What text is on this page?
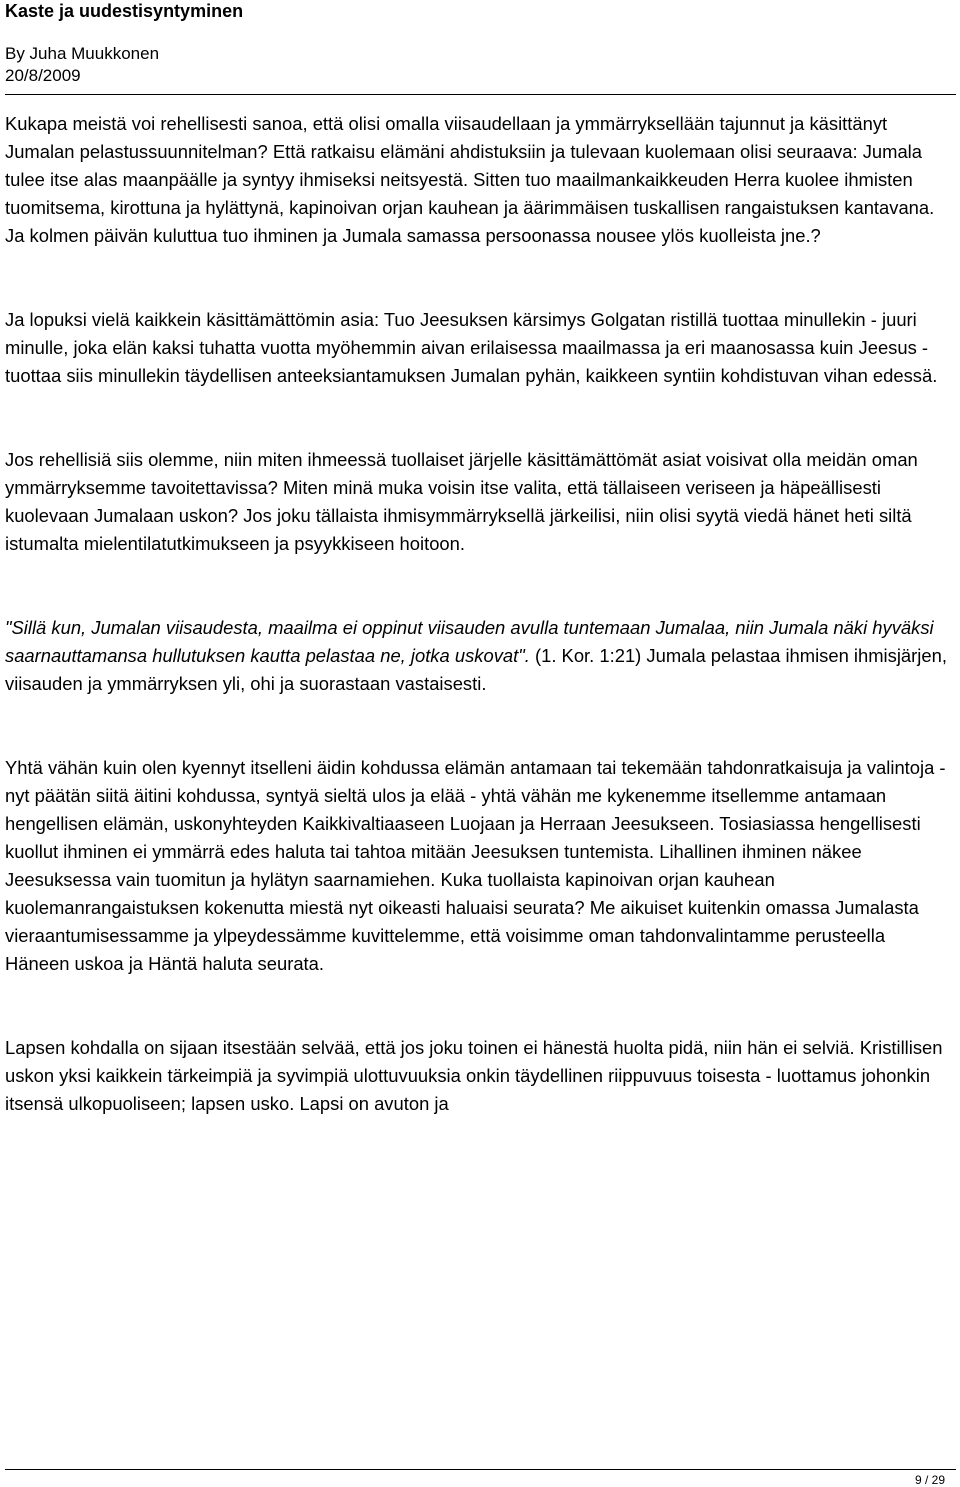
Kaste ja uudestisyntyminen
By Juha Muukkonen
20/8/2009

Kukapa meistä voi rehellisesti sanoa, että olisi omalla viisaudellaan ja ymmärryksellään tajunnut ja käsittänyt Jumalan pelastussuunnitelman? Että ratkaisu elämäni ahdistuksiin ja tulevaan kuolemaan olisi seuraava: Jumala tulee itse alas maanpäälle ja syntyy ihmiseksi neitsyestä. Sitten tuo maailmankaikkeuden Herra kuolee ihmisten tuomitsema, kirottuna ja hylättynä, kapinoivan orjan kauhean ja äärimmäisen tuskallisen rangaistuksen kantavana. Ja kolmen päivän kuluttua tuo ihminen ja Jumala samassa persoonassa nousee ylös kuolleista jne.?

Ja lopuksi vielä kaikkein käsittämättömin asia: Tuo Jeesuksen kärsimys Golgatan ristillä tuottaa minullekin - juuri minulle, joka elän kaksi tuhatta vuotta myöhemmin aivan erilaisessa maailmassa ja eri maanosassa kuin Jeesus - tuottaa siis minullekin täydellisen anteeksiantamuksen Jumalan pyhän, kaikkeen syntiin kohdistuvan vihan edessä.

Jos rehellisiä siis olemme, niin miten ihmeessä tuollaiset järjelle käsittämättömät asiat voisivat olla meidän oman ymmärryksemme tavoitettavissa? Miten minä muka voisin itse valita, että tällaiseen veriseen ja häpeällisesti kuolevaan Jumalaan uskon? Jos joku tällaista ihmisymmärryksellä järkeilisi, niin olisi syytä viedä hänet heti siltä istumalta mielentilatutkimukseen ja psyykkiseen hoitoon.

"Sillä kun, Jumalan viisaudesta, maailma ei oppinut viisauden avulla tuntemaan Jumalaa, niin Jumala näki hyväksi saarnauttamansa hullutuksen kautta pelastaa ne, jotka uskovat". (1. Kor. 1:21) Jumala pelastaa ihmisen ihmisjärjen, viisauden ja ymmärryksen yli, ohi ja suorastaan vastaisesti.

Yhtä vähän kuin olen kyennyt itselleni äidin kohdussa elämän antamaan tai tekemään tahdonratkaisuja ja valintoja - nyt päätän siitä äitini kohdussa, syntyä sieltä ulos ja elää - yhtä vähän me kykenemme itsellemme antamaan hengellisen elämän, uskonyhteyden Kaikkivaltiaaseen Luojaan ja Herraan Jeesukseen. Tosiasiassa hengellisesti kuollut ihminen ei ymmärrä edes haluta tai tahtoa mitään Jeesuksen tuntemista. Lihallinen ihminen näkee Jeesuksessa vain tuomitun ja hylätyn saarnamiehen. Kuka tuollaista kapinoivan orjan kauhean kuolemanrangaistuksen kokenutta miestä nyt oikeasti haluaisi seurata? Me aikuiset kuitenkin omassa Jumalasta vieraantumisessamme ja ylpeydessämme kuvittelemme, että voisimme oman tahdonvalintamme perusteella Häneen uskoa ja Häntä haluta seurata.

Lapsen kohdalla on sijaan itsestään selvää, että jos joku toinen ei hänestä huolta pidä, niin hän ei selviä. Kristillisen uskon yksi kaikkein tärkeimpiä ja syvimpiä ulottuvuuksia onkin täydellinen riippuvuus toisesta - luottamus johonkin itsensä ulkopuoliseen; lapsen usko. Lapsi on avuton ja

9 / 29
